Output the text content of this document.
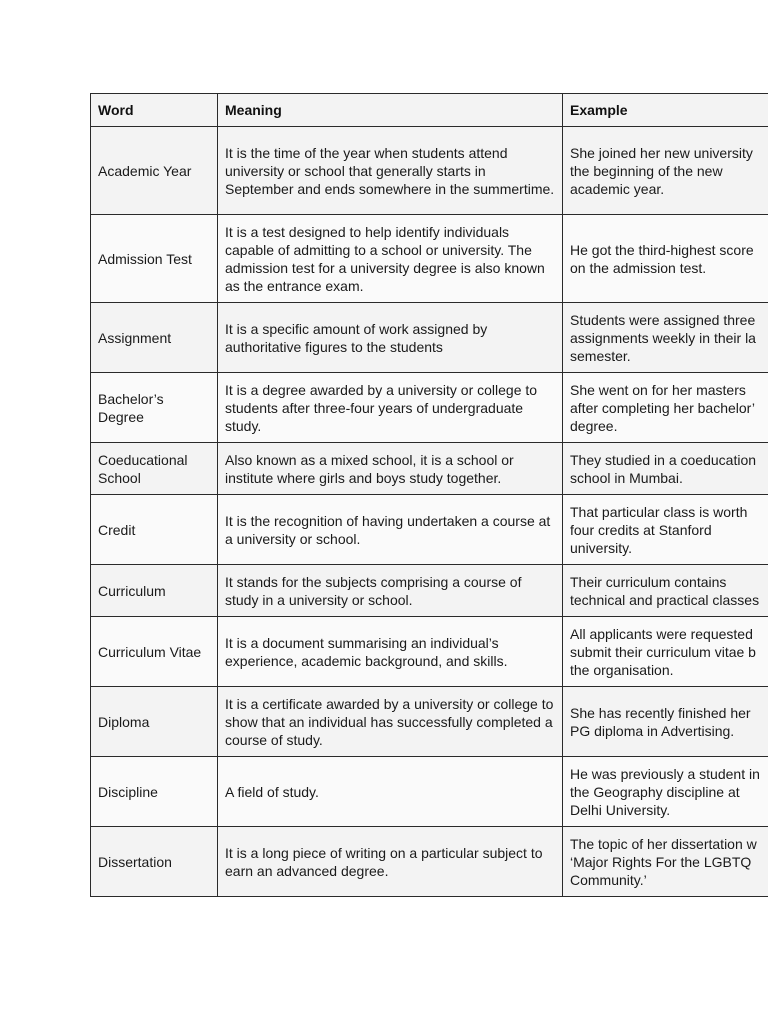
Word	Meaning	Example
Academic Year	It is the time of the year when students attend university or school that generally starts in September and ends somewhere in the summertime.	She joined her new university
the beginning of the new
academic year.

Admission Test	It is a test designed to help identify individuals capable of admitting to a school or university. The admission test for a university degree is also known as the entrance exam.	He got the third-highest score
on the admission test.

Assignment	It is a specific amount of work assigned by authoritative figures to the students	Students were assigned three
assignments weekly in their la
semester.

Bachelor’s Degree	It is a degree awarded by a university or college to students after three-four years of undergraduate study.	She went on for her masters
after completing her bachelor’
degree.

Coeducational School	Also known as a mixed school, it is a school or institute where girls and boys study together.	They studied in a coeducation
school in Mumbai.

Credit	It is the recognition of having undertaken a course at a university or school.	That particular class is worth
four credits at Stanford
university.

Curriculum	It stands for the subjects comprising a course of study in a university or school.	Their curriculum contains
technical and practical classes

Curriculum Vitae	It is a document summarising an individual’s experience, academic background, and skills.	All applicants were requested
submit their curriculum vitae b
the organisation.

Diploma	It is a certificate awarded by a university or college to show that an individual has successfully completed a course of study.	She has recently finished her
PG diploma in Advertising.

Discipline	A field of study.	He was previously a student in
the Geography discipline at
Delhi University.

Dissertation	It is a long piece of writing on a particular subject to earn an advanced degree.	The topic of her dissertation w
‘Major Rights For the LGBTQ
Community.’
